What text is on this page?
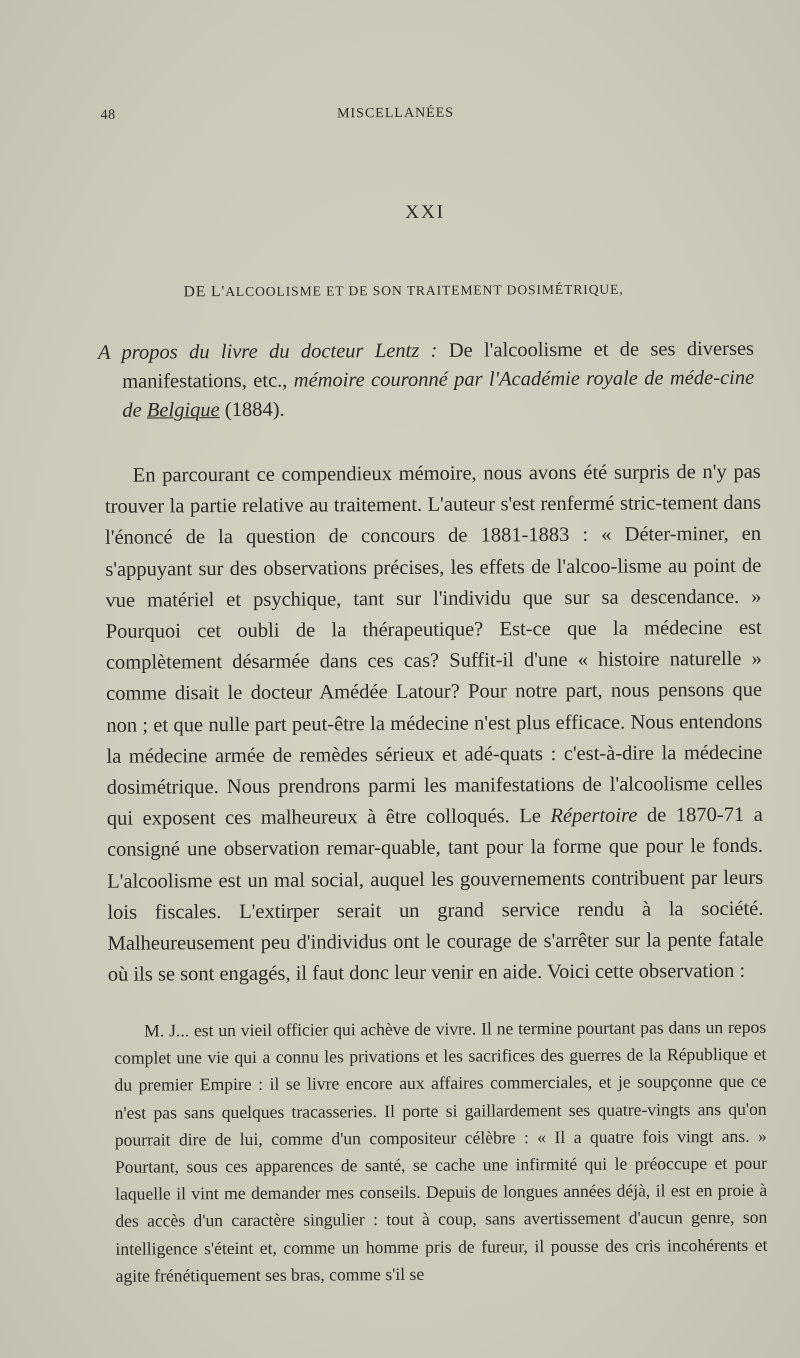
48	MISCELLANÉES
XXI
DE L'ALCOOLISME ET DE SON TRAITEMENT DOSIMÉTRIQUE,
A propos du livre du docteur Lentz : De l'alcoolisme et de ses diverses manifestations, etc., mémoire couronné par l'Académie royale de méde-cine de Belgique (1884).

En parcourant ce compendieux mémoire, nous avons été surpris de n'y pas trouver la partie relative au traitement. L'auteur s'est renfermé stric-tement dans l'énoncé de la question de concours de 1881-1883 : « Déter-miner, en s'appuyant sur des observations précises, les effets de l'alcoo-lisme au point de vue matériel et psychique, tant sur l'individu que sur sa descendance. » Pourquoi cet oubli de la thérapeutique? Est-ce que la médecine est complètement désarmée dans ces cas? Suffit-il d'une « histoire naturelle » comme disait le docteur Amédée Latour? Pour notre part, nous pensons que non ; et que nulle part peut-être la médecine n'est plus efficace. Nous entendons la médecine armée de remèdes sérieux et adé-quats : c'est-à-dire la médecine dosimétrique. Nous prendrons parmi les manifestations de l'alcoolisme celles qui exposent ces malheureux à être colloqués. Le Répertoire de 1870-71 a consigné une observation remar-quable, tant pour la forme que pour le fonds. L'alcoolisme est un mal social, auquel les gouvernements contribuent par leurs lois fiscales. L'extirper serait un grand service rendu à la société. Malheureusement peu d'individus ont le courage de s'arrêter sur la pente fatale où ils se sont engagés, il faut donc leur venir en aide. Voici cette observation :

M. J... est un vieil officier qui achève de vivre. Il ne termine pourtant pas dans un repos complet une vie qui a connu les privations et les sacrifices des guerres de la République et du premier Empire : il se livre encore aux affaires commerciales, et je soupçonne que ce n'est pas sans quelques tracasseries. Il porte si gaillardement ses quatre-vingts ans qu'on pourrait dire de lui, comme d'un compositeur célèbre : « Il a quatre fois vingt ans. » Pourtant, sous ces apparences de santé, se cache une infirmité qui le préoccupe et pour laquelle il vint me demander mes conseils. Depuis de longues années déjà, il est en proie à des accès d'un caractère singulier : tout à coup, sans avertissement d'aucun genre, son intelligence s'éteint et, comme un homme pris de fureur, il pousse des cris incohérents et agite frénétiquement ses bras, comme s'il se
